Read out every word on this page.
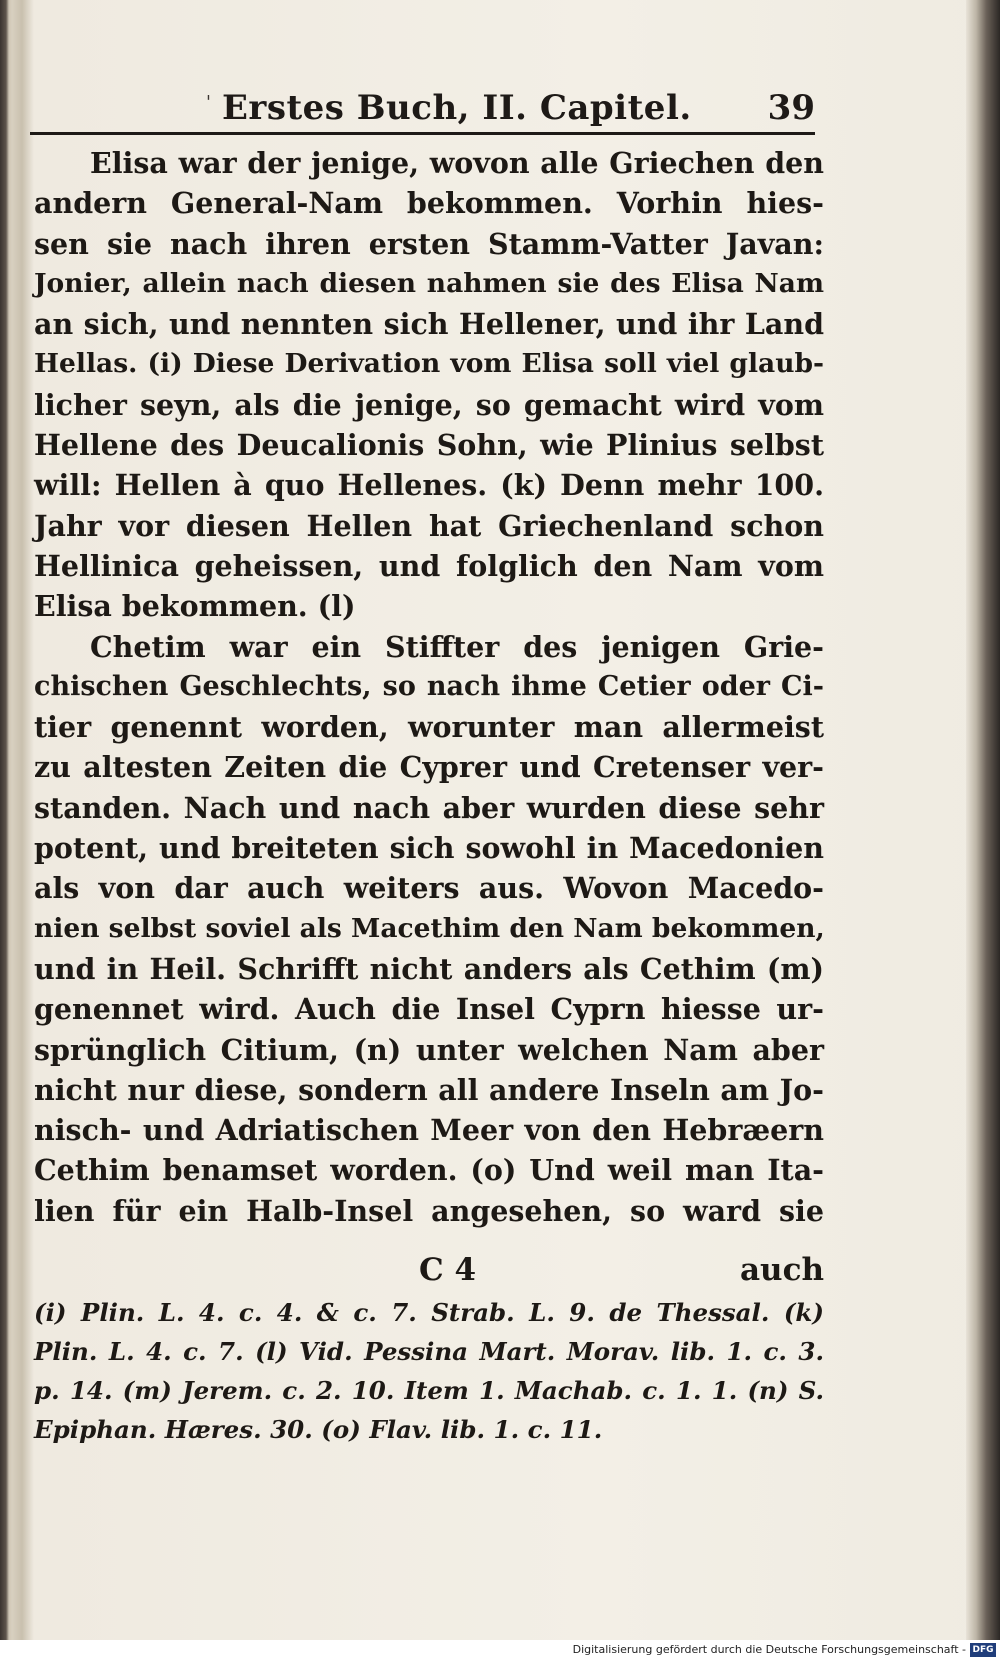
' Erstes Buch, II. Capitel. 39
Elisa war der jenige, wovon alle Griechen den
andern General-Nam bekommen. Vorhin hies-
sen sie nach ihren ersten Stamm-Vatter Javan:
Jonier, allein nach diesen nahmen sie des Elisa Nam
an sich, und nennten sich Hellener, und ihr Land
Hellas. (i) Diese Derivation vom Elisa soll viel glaub-
licher seyn, als die jenige, so gemacht wird vom
Hellene des Deucalionis Sohn, wie Plinius selbst
will: Hellen à quo Hellenes. (k) Denn mehr 100.
Jahr vor diesen Hellen hat Griechenland schon
Hellinica geheissen, und folglich den Nam vom
Elisa bekommen. (l)
Chetim war ein Stiffter des jenigen Grie-
chischen Geschlechts, so nach ihme Cetier oder Ci-
tier genennt worden, worunter man allermeist
zu altesten Zeiten die Cyprer und Cretenser ver-
standen. Nach und nach aber wurden diese sehr
potent, und breiteten sich sowohl in Macedonien
als von dar auch weiters aus. Wovon Macedo-
nien selbst soviel als Macethim den Nam bekommen,
und in Heil. Schrifft nicht anders als Cethim (m)
genennet wird. Auch die Insel Cyprn hiesse ur-
sprünglich Citium, (n) unter welchen Nam aber
nicht nur diese, sondern all andere Inseln am Jo-
nisch- und Adriatischen Meer von den Hebræern
Cethim benamset worden. (o) Und weil man Ita-
lien für ein Halb-Insel angesehen, so ward sie
C 4	auch
(i) Plin. L. 4. c. 4. & c. 7. Strab. L. 9. de Thessal. (k)
Plin. L. 4. c. 7. (l) Vid. Pessina Mart. Morav. lib. 1. c. 3.
p. 14. (m) Jerem. c. 2. 10. Item 1. Machab. c. 1. 1. (n) S.
Epiphan. Hæres. 30. (o) Flav. lib. 1. c. 11.
Digitalisierung gefördert durch die Deutsche Forschungsgemeinschaft - DFG
